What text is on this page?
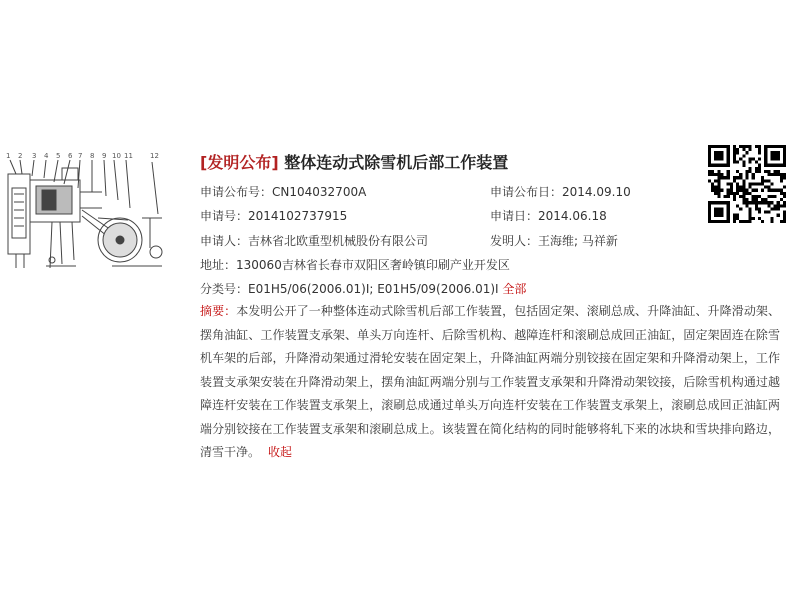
1 2 3 4 5 6 7 8 9 10 11 12	[发明公布] 整体连动式除雪机后部工作装置
申请公布号：CN104032700A	申请公布日：2014.09.10
申请号：2014102737915	申请日：2014.06.18
申请人：吉林省北欧重型机械股份有限公司	发明人：王海维; 马祥新
地址：130060吉林省长春市双阳区奢岭镇印刷产业开发区
分类号：E01H5/06(2006.01)I; E01H5/09(2006.01)I 全部
摘要：本发明公开了一种整体连动式除雪机后部工作装置，包括固定架、滚刷总成、升降油缸、升降滑动架、摆角油缸、工作装置支承架、单头万向连杆、后除雪机构、越障连杆和滚刷总成回正油缸，固定架固连在除雪机车架的后部，升降滑动架通过滑轮安装在固定架上，升降油缸两端分别铰接在固定架和升降滑动架上，工作装置支承架安装在升降滑动架上，摆角油缸两端分别与工作装置支承架和升降滑动架铰接，后除雪机构通过越障连杆安装在工作装置支承架上，滚刷总成通过单头万向连杆安装在工作装置支承架上，滚刷总成回正油缸两端分别铰接在工作装置支承架和滚刷总成上。该装置在简化结构的同时能够将轧下来的冰块和雪块排向路边，清雪干净。 收起
